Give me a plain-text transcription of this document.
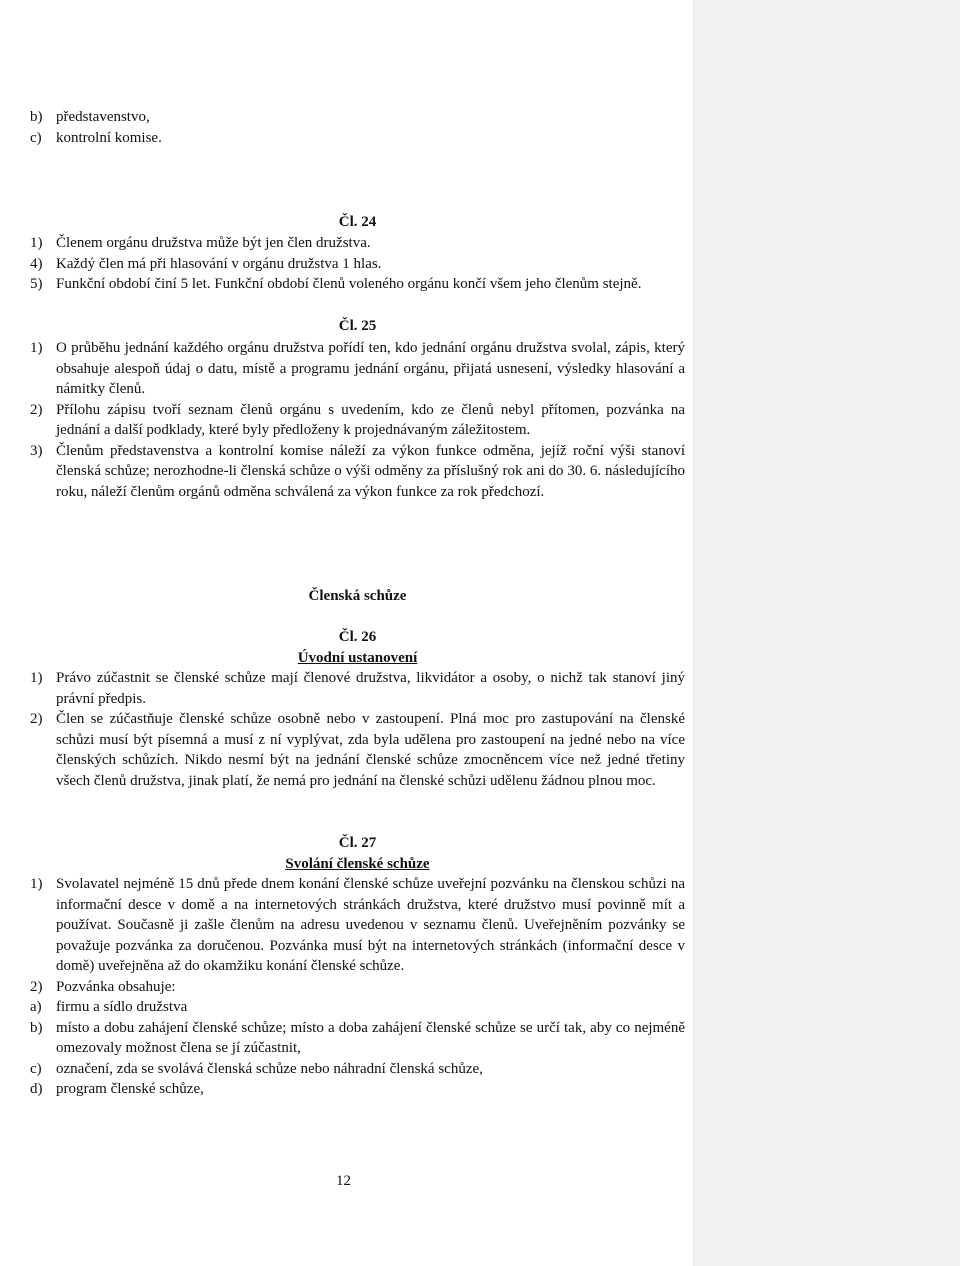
b) představenstvo,
c) kontrolní komise.
Čl. 24
1) Členem orgánu družstva může být jen člen družstva.
4) Každý člen má při hlasování v orgánu družstva 1 hlas.
5) Funkční období činí 5 let. Funkční období členů voleného orgánu končí všem jeho členům stejně.
Čl. 25
1) O průběhu jednání každého orgánu družstva pořídí ten, kdo jednání orgánu družstva svolal, zápis, který obsahuje alespoň údaj o datu, místě a programu jednání orgánu, přijatá usnesení, výsledky hlasování a námitky členů.
2) Přílohu zápisu tvoří seznam členů orgánu s uvedením, kdo ze členů nebyl přítomen, pozvánka na jednání a další podklady, které byly předloženy k projednávaným záležitostem.
3) Členům představenstva a kontrolní komise náleží za výkon funkce odměna, jejíž roční výši stanoví členská schůze; nerozhodne-li členská schůze o výši odměny za příslušný rok ani do 30. 6. následujícího roku, náleží členům orgánů odměna schválená za výkon funkce za rok předchozí.
Členská schůze
Čl. 26
Úvodní ustanovení
1) Právo zúčastnit se členské schůze mají členové družstva, likvidátor a osoby, o nichž tak stanoví jiný právní předpis.
2) Člen se zúčastňuje členské schůze osobně nebo v zastoupení. Plná moc pro zastupování na členské schůzi musí být písemná a musí z ní vyplývat, zda byla udělena pro zastoupení na jedné nebo na více členských schůzích. Nikdo nesmí být na jednání členské schůze zmocněncem více než jedné třetiny všech členů družstva, jinak platí, že nemá pro jednání na členské schůzi udělenu žádnou plnou moc.
Čl. 27
Svolání členské schůze
1) Svolavatel nejméně 15 dnů přede dnem konání členské schůze uveřejní pozvánku na členskou schůzi na informační desce v domě a na internetových stránkách družstva, které družstvo musí povinně mít a používat. Současně ji zašle členům na adresu uvedenou v seznamu členů. Uveřejněním pozvánky se považuje pozvánka za doručenou. Pozvánka musí být na internetových stránkách (informační desce v domě) uveřejněna až do okamžiku konání členské schůze.
2) Pozvánka obsahuje:
a) firmu a sídlo družstva
b) místo a dobu zahájení členské schůze; místo a doba zahájení členské schůze se určí tak, aby co nejméně omezovaly možnost člena se jí zúčastnit,
c) označení, zda se svolává členská schůze nebo náhradní členská schůze,
d) program členské schůze,
12
